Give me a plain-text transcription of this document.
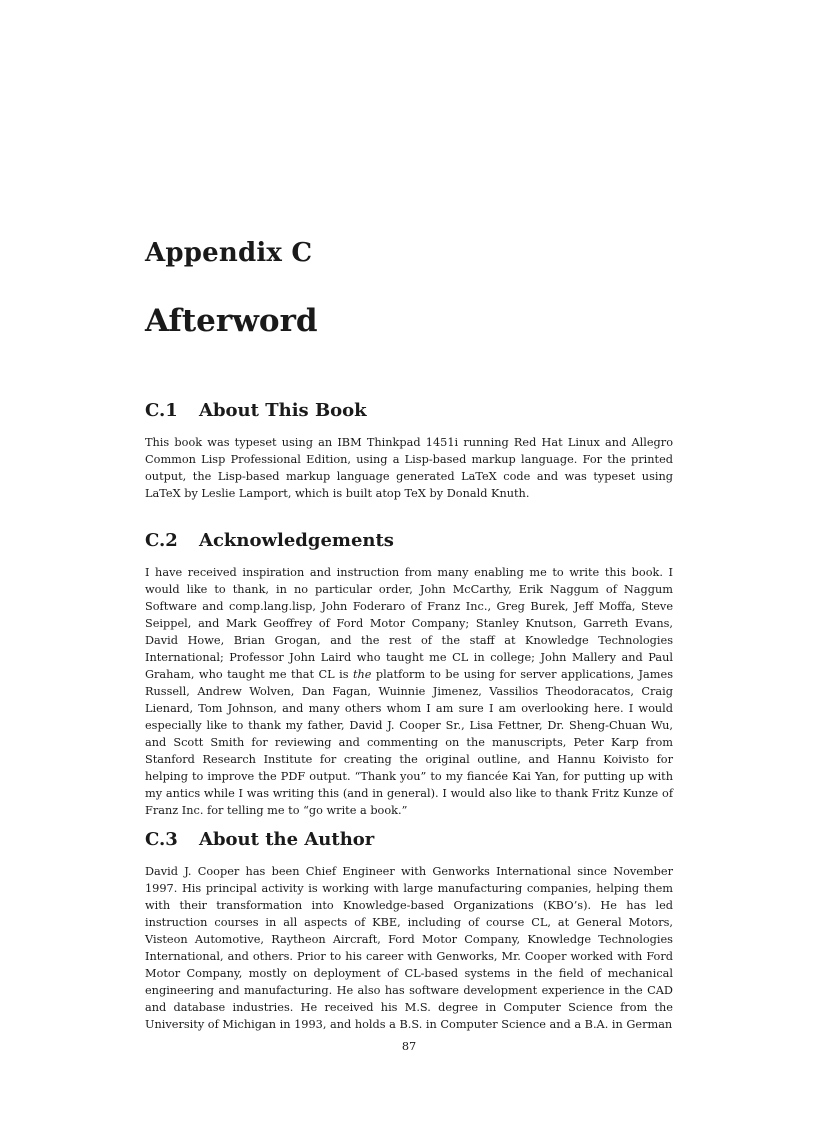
Appendix C
Afterword
C.1 About This Book

This book was typeset using an IBM Thinkpad 1451i running Red Hat Linux and Allegro Common Lisp Professional Edition, using a Lisp-based markup language. For the printed output, the Lisp-based markup language generated LaTeX code and was typeset using LaTeX by Leslie Lamport, which is built atop TeX by Donald Knuth.

C.2 Acknowledgements

I have received inspiration and instruction from many enabling me to write this book. I would like to thank, in no particular order, John McCarthy, Erik Naggum of Naggum Software and comp.lang.lisp, John Foderaro of Franz Inc., Greg Burek, Jeff Moffa, Steve Seippel, and Mark Geoffrey of Ford Motor Company; Stanley Knutson, Garreth Evans, David Howe, Brian Grogan, and the rest of the staff at Knowledge Technologies International; Professor John Laird who taught me CL in college; John Mallery and Paul Graham, who taught me that CL is the platform to be using for server applications, James Russell, Andrew Wolven, Dan Fagan, Wuinnie Jimenez, Vassilios Theodoracatos, Craig Lienard, Tom Johnson, and many others whom I am sure I am overlooking here. I would especially like to thank my father, David J. Cooper Sr., Lisa Fettner, Dr. Sheng-Chuan Wu, and Scott Smith for reviewing and commenting on the manuscripts, Peter Karp from Stanford Research Institute for creating the original outline, and Hannu Koivisto for helping to improve the PDF output. “Thank you” to my fiancée Kai Yan, for putting up with my antics while I was writing this (and in general). I would also like to thank Fritz Kunze of Franz Inc. for telling me to “go write a book.”

C.3 About the Author

David J. Cooper has been Chief Engineer with Genworks International since November 1997. His principal activity is working with large manufacturing companies, helping them with their transformation into Knowledge-based Organizations (KBO’s). He has led instruction courses in all aspects of KBE, including of course CL, at General Motors, Visteon Automotive, Raytheon Aircraft, Ford Motor Company, Knowledge Technologies International, and others. Prior to his career with Genworks, Mr. Cooper worked with Ford Motor Company, mostly on deployment of CL-based systems in the field of mechanical engineering and manufacturing. He also has software development experience in the CAD and database industries. He received his M.S. degree in Computer Science from the University of Michigan in 1993, and holds a B.S. in Computer Science and a B.A. in German

87
